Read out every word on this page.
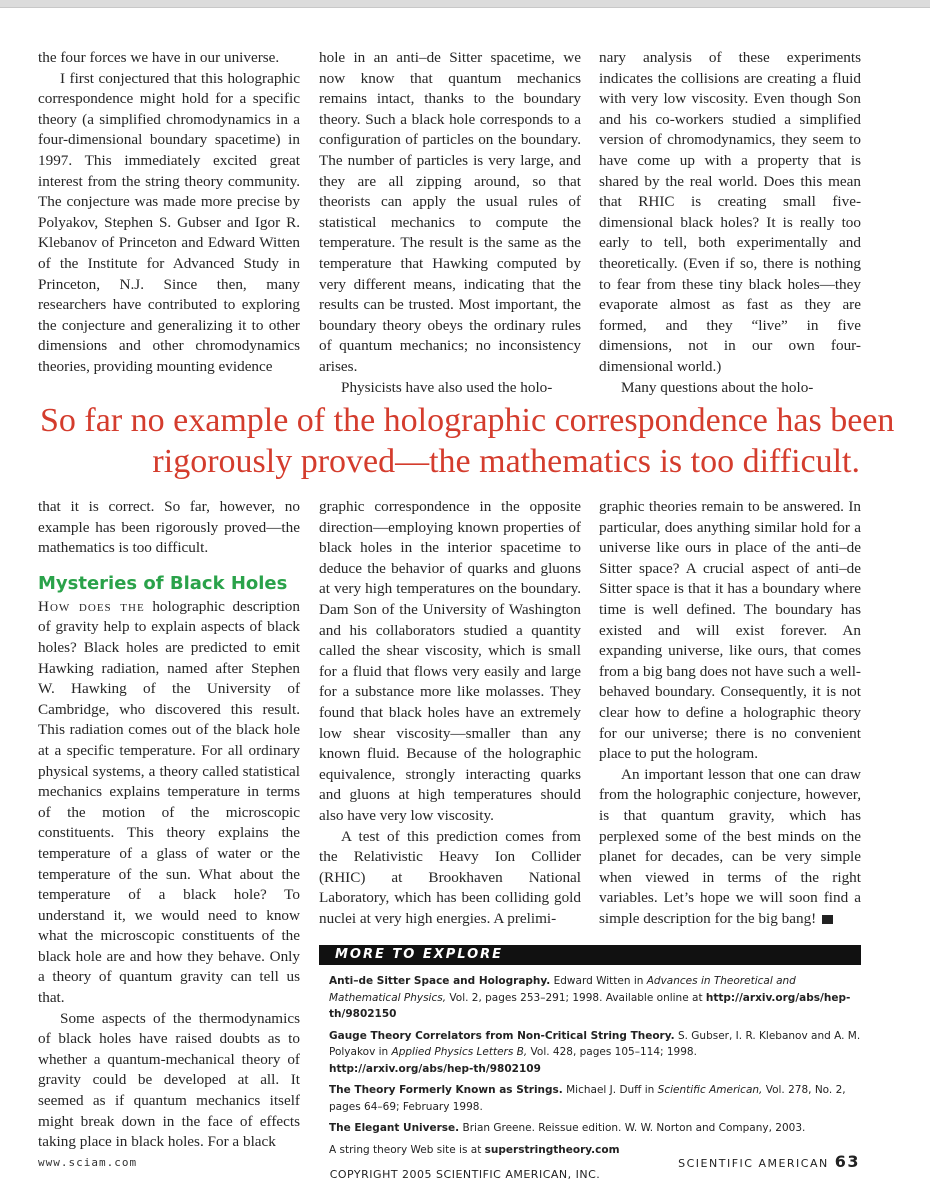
the four forces we have in our universe.

I first conjectured that this holographic correspondence might hold for a specific theory (a simplified chromodynamics in a four-dimensional boundary spacetime) in 1997. This immediately excited great interest from the string theory community. The conjecture was made more precise by Polyakov, Stephen S. Gubser and Igor R. Klebanov of Princeton and Edward Witten of the Institute for Advanced Study in Princeton, N.J. Since then, many researchers have contributed to exploring the conjecture and generalizing it to other dimensions and other chromodynamics theories, providing mounting evidence

hole in an anti–de Sitter spacetime, we now know that quantum mechanics remains intact, thanks to the boundary theory. Such a black hole corresponds to a configuration of particles on the boundary. The number of particles is very large, and they are all zipping around, so that theorists can apply the usual rules of statistical mechanics to compute the temperature. The result is the same as the temperature that Hawking computed by very different means, indicating that the results can be trusted. Most important, the boundary theory obeys the ordinary rules of quantum mechanics; no inconsistency arises.

Physicists have also used the holo-

nary analysis of these experiments indicates the collisions are creating a fluid with very low viscosity. Even though Son and his co-workers studied a simplified version of chromodynamics, they seem to have come up with a property that is shared by the real world. Does this mean that RHIC is creating small five-dimensional black holes? It is really too early to tell, both experimentally and theoretically. (Even if so, there is nothing to fear from these tiny black holes—they evaporate almost as fast as they are formed, and they “live” in five dimensions, not in our own four-dimensional world.)

Many questions about the holo-

So far no example of the holographic correspondence has been
rigorously proved—the mathematics is too difficult.

that it is correct. So far, however, no example has been rigorously proved—the mathematics is too difficult.

Mysteries of Black Holes

How does the holographic description of gravity help to explain aspects of black holes? Black holes are predicted to emit Hawking radiation, named after Stephen W. Hawking of the University of Cambridge, who discovered this result. This radiation comes out of the black hole at a specific temperature. For all ordinary physical systems, a theory called statistical mechanics explains temperature in terms of the motion of the microscopic constituents. This theory explains the temperature of a glass of water or the temperature of the sun. What about the temperature of a black hole? To understand it, we would need to know what the microscopic constituents of the black hole are and how they behave. Only a theory of quantum gravity can tell us that.

Some aspects of the thermodynamics of black holes have raised doubts as to whether a quantum-mechanical theory of gravity could be developed at all. It seemed as if quantum mechanics itself might break down in the face of effects taking place in black holes. For a black

graphic correspondence in the opposite direction—employing known properties of black holes in the interior spacetime to deduce the behavior of quarks and gluons at very high temperatures on the boundary. Dam Son of the University of Washington and his collaborators studied a quantity called the shear viscosity, which is small for a fluid that flows very easily and large for a substance more like molasses. They found that black holes have an extremely low shear viscosity—smaller than any known fluid. Because of the holographic equivalence, strongly interacting quarks and gluons at high temperatures should also have very low viscosity.

A test of this prediction comes from the Relativistic Heavy Ion Collider (RHIC) at Brookhaven National Laboratory, which has been colliding gold nuclei at very high energies. A prelimi-

graphic theories remain to be answered. In particular, does anything similar hold for a universe like ours in place of the anti–de Sitter space? A crucial aspect of anti–de Sitter space is that it has a boundary where time is well defined. The boundary has existed and will exist forever. An expanding universe, like ours, that comes from a big bang does not have such a well-behaved boundary. Consequently, it is not clear how to define a holographic theory for our universe; there is no convenient place to put the hologram.

An important lesson that one can draw from the holographic conjecture, however, is that quantum gravity, which has perplexed some of the best minds on the planet for decades, can be very simple when viewed in terms of the right variables. Let’s hope we will soon find a simple description for the big bang!

MORE TO EXPLORE
Anti–de Sitter Space and Holography. Edward Witten in Advances in Theoretical and Mathematical Physics, Vol. 2, pages 253–291; 1998. Available online at http://arxiv.org/abs/hep-th/9802150
Gauge Theory Correlators from Non-Critical String Theory. S. Gubser, I. R. Klebanov and A. M. Polyakov in Applied Physics Letters B, Vol. 428, pages 105–114; 1998.
http://arxiv.org/abs/hep-th/9802109
The Theory Formerly Known as Strings. Michael J. Duff in Scientific American, Vol. 278, No. 2, pages 64–69; February 1998.
The Elegant Universe. Brian Greene. Reissue edition. W. W. Norton and Company, 2003.
A string theory Web site is at superstringtheory.com
www.sciam.com	SCIENTIFIC AMERICAN 63
COPYRIGHT 2005 SCIENTIFIC AMERICAN, INC.
